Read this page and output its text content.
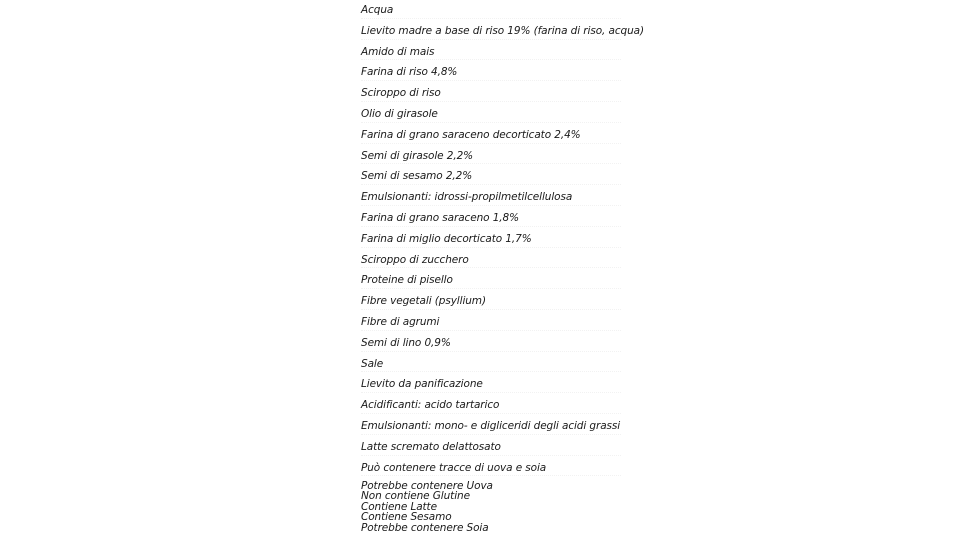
Acqua
Lievito madre a base di riso 19% (farina di riso, acqua)
Amido di mais
Farina di riso 4,8%
Sciroppo di riso
Olio di girasole
Farina di grano saraceno decorticato 2,4%
Semi di girasole 2,2%
Semi di sesamo 2,2%
Emulsionanti: idrossi-propilmetilcellulosa
Farina di grano saraceno 1,8%
Farina di miglio decorticato 1,7%
Sciroppo di zucchero
Proteine di pisello
Fibre vegetali (psyllium)
Fibre di agrumi
Semi di lino 0,9%
Sale
Lievito da panificazione
Acidificanti: acido tartarico
Emulsionanti: mono- e digliceridi degli acidi grassi
Latte scremato delattosato
Può contenere tracce di uova e soia
Potrebbe contenere Uova
Non contiene Glutine
Contiene Latte
Contiene Sesamo
Potrebbe contenere Soia
